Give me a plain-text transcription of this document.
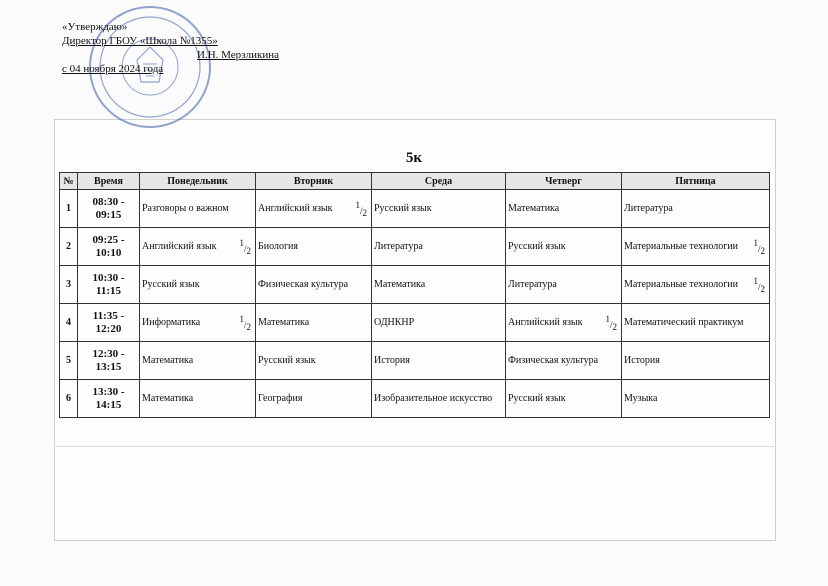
«Утверждаю»
Директор ГБОУ «Школа №1355»
И.Н. Мерзликина
с 04 ноября 2024 года
5к
№	Время	Понедельник	Вторник	Среда	Четверг	Пятница
1	08:30 - 09:15	Разговоры о важном	Английский язык $^1/_2$	Русский язык	Математика	Литература

2	09:25 - 10:10	Английский язык $^1/_2$	Биология	Литература	Русский язык	Материальные технологии $^1/_2$

3	10:30 - 11:15	Русский язык	Физическая культура	Математика	Литература	Материальные технологии $^1/_2$

4	11:35 - 12:20	Информатика $^1/_2$	Математика	ОДНКНР	Английский язык $^1/_2$	Математический практикум

5	12:30 - 13:15	Математика	Русский язык	История	Физическая культура	История

6	13:30 - 14:15	Математика	География	Изобразительное искусство	Русский язык	Музыка
